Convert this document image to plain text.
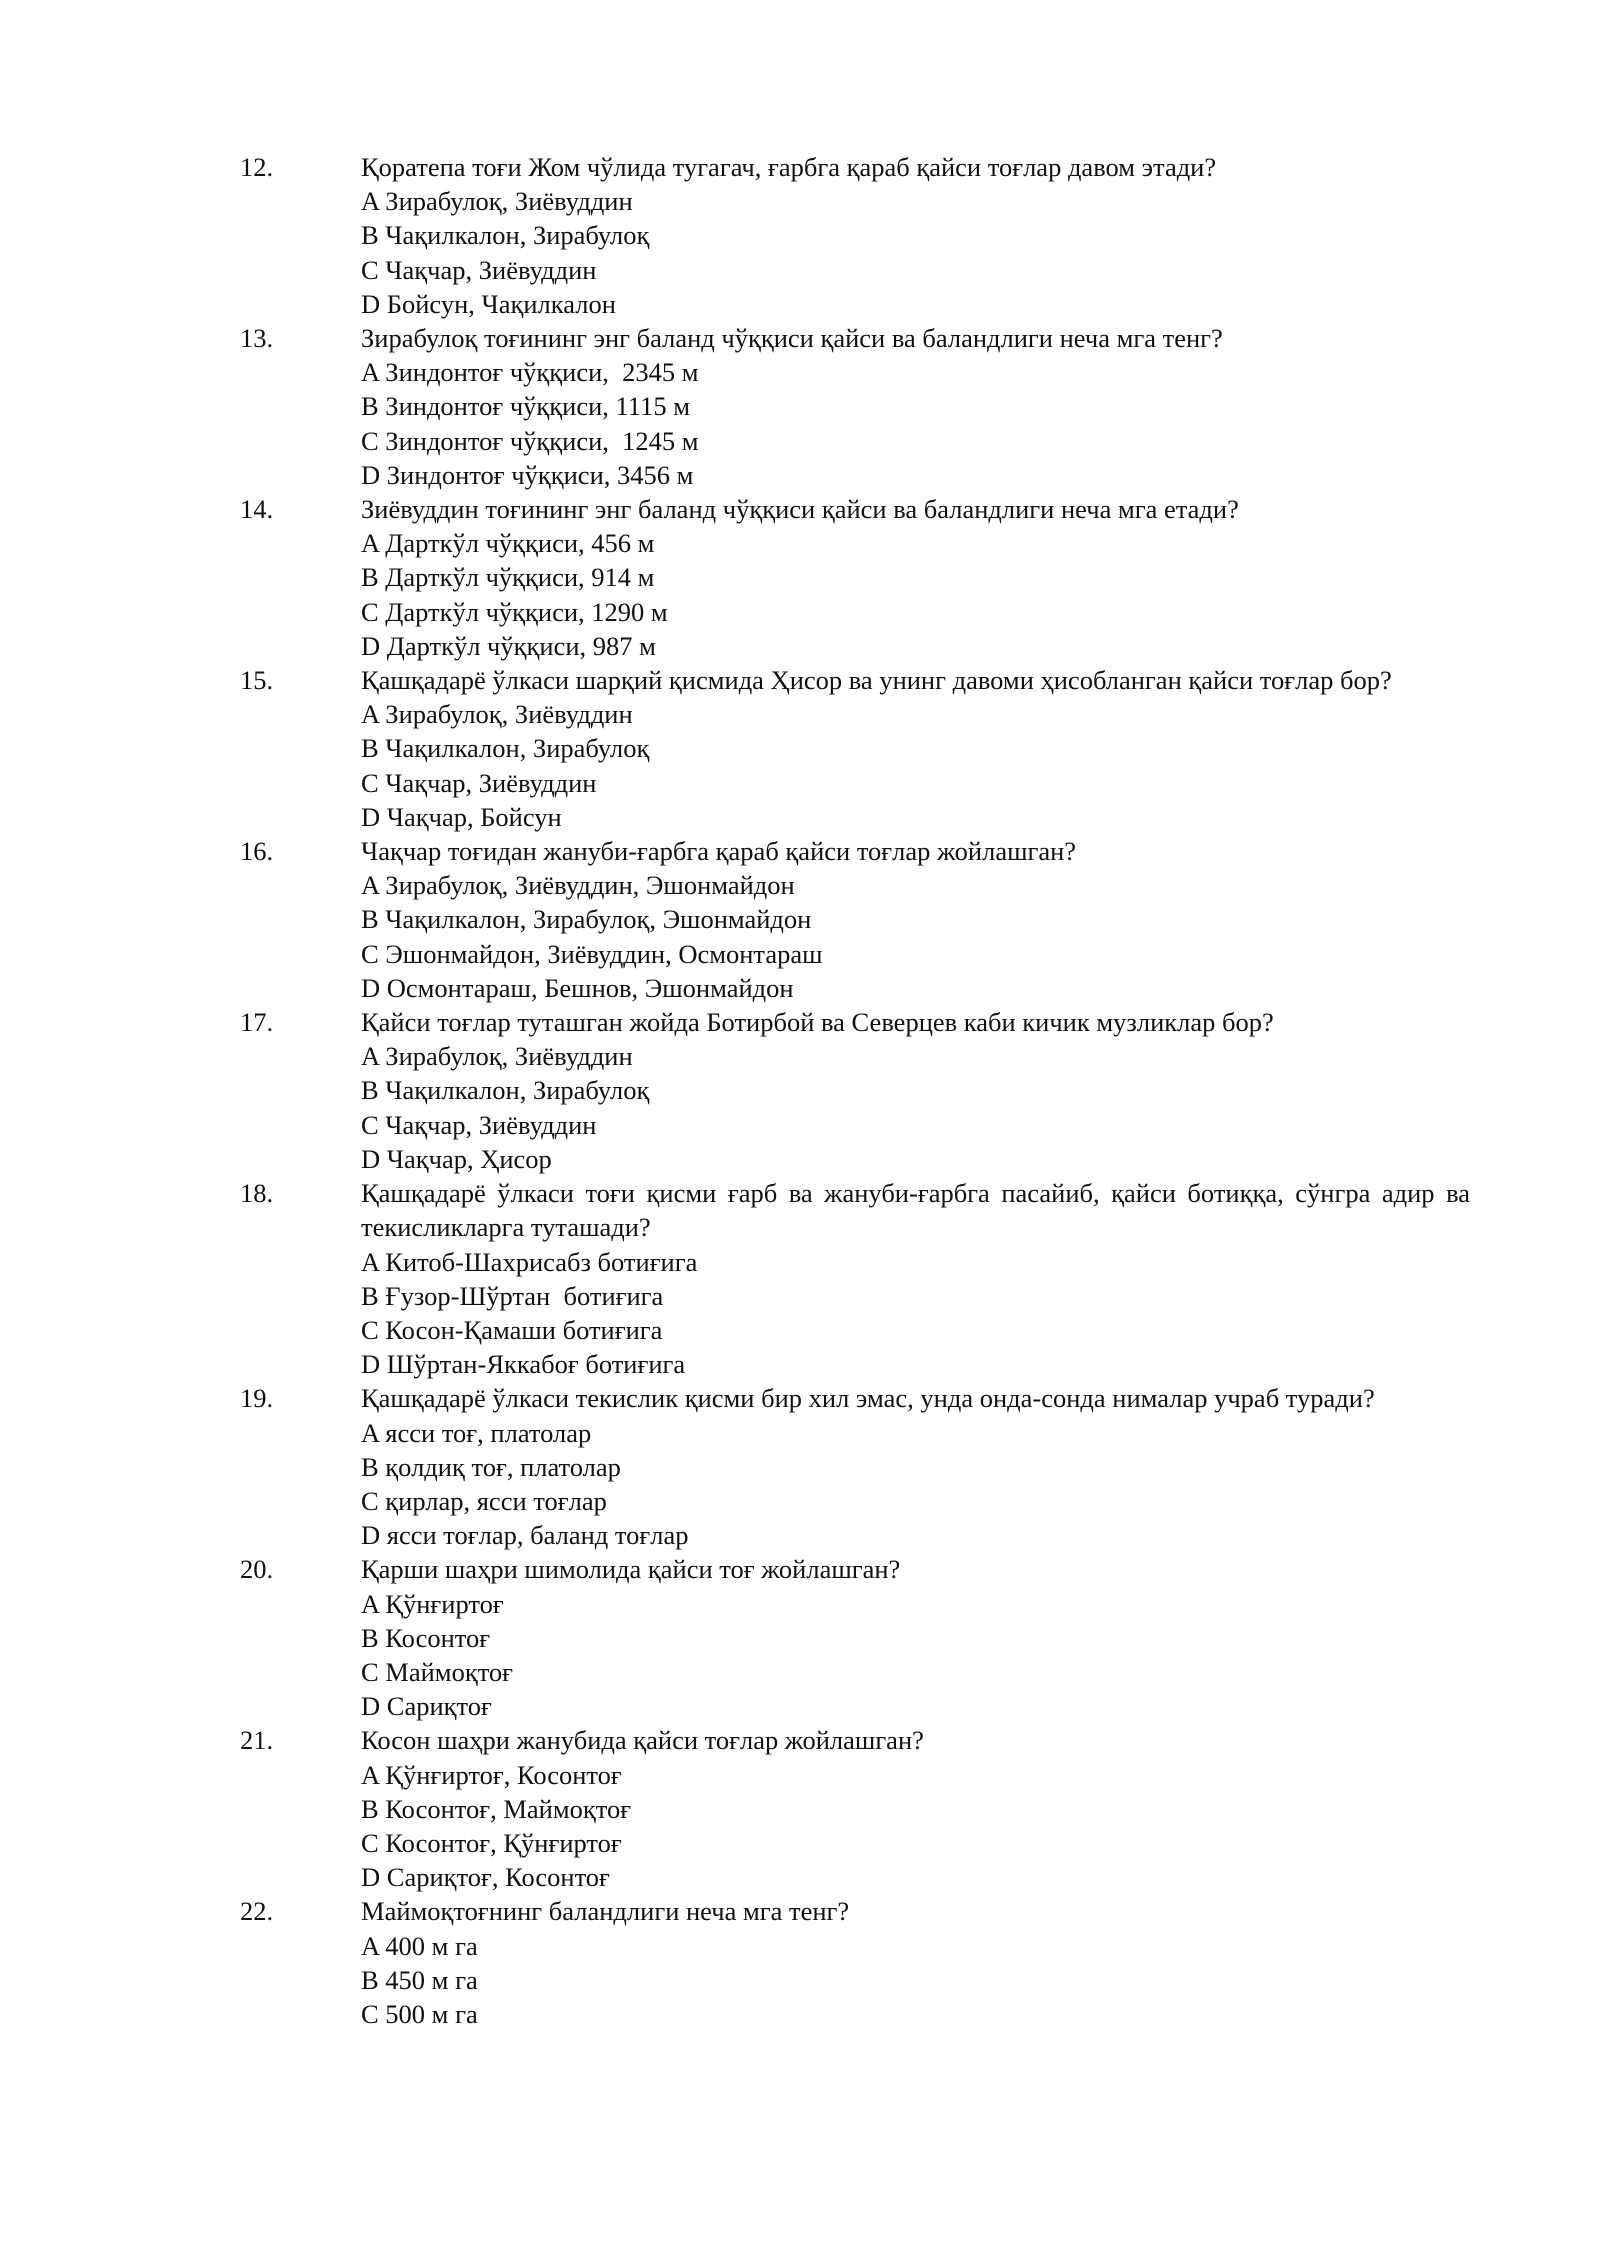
12.	Қоратепа тоғи Жом чўлида тугагач, ғарбга қараб қайси тоғлар давом этади?
A Зирабулоқ, Зиёвуддин
B Чақилкалон, Зирабулоқ
C Чақчар, Зиёвуддин
D Бойсун, Чақилкалон
13.	Зирабулоқ тоғининг энг баланд чўққиси қайси ва баландлиги неча мга тенг?
A Зиндонтоғ чўққиси,  2345 м
B Зиндонтоғ чўққиси, 1115 м
C Зиндонтоғ чўққиси,  1245 м
D Зиндонтоғ чўққиси, 3456 м
14.	Зиёвуддин тоғининг энг баланд чўққиси қайси ва баландлиги неча мга етади?
A Дарткўл чўққиси, 456 м
B Дарткўл чўққиси, 914 м
C Дарткўл чўққиси, 1290 м
D Дарткўл чўққиси, 987 м
15.	Қашқадарё ўлкаси шарқий қисмида Ҳисор ва унинг давоми ҳисобланган қайси тоғлар бор?
A Зирабулоқ, Зиёвуддин
B Чақилкалон, Зирабулоқ
C Чақчар, Зиёвуддин
D Чақчар, Бойсун
16.	Чақчар тоғидан жануби-ғарбга қараб қайси тоғлар жойлашган?
A Зирабулоқ, Зиёвуддин, Эшонмайдон
B Чақилкалон, Зирабулоқ, Эшонмайдон
C Эшонмайдон, Зиёвуддин, Осмонтараш
D Осмонтараш, Бешнов, Эшонмайдон
17.	Қайси тоғлар туташган жойда Ботирбой ва Северцев каби кичик музликлар бор?
A Зирабулоқ, Зиёвуддин
B Чақилкалон, Зирабулоқ
C Чақчар, Зиёвуддин
D Чақчар, Ҳисор
18.	Қашқадарё ўлкаси тоғи қисми ғарб ва жануби-ғарбга пасайиб, қайси ботиққа, сўнгра адир ва текисликларга туташади?
A Китоб-Шахрисабз ботиғига
B Ғузор-Шўртан  ботиғига
C Косон-Қамаши ботиғига
D Шўртан-Яккабоғ ботиғига
19.	Қашқадарё ўлкаси текислик қисми бир хил эмас, унда онда-сонда нималар учраб туради?
A ясси тоғ, платолар
B қолдиқ тоғ, платолар
C қирлар, ясси тоғлар
D ясси тоғлар, баланд тоғлар
20.	Қарши шаҳри шимолида қайси тоғ жойлашган?
A Қўнғиртоғ
B Косонтоғ
C Маймоқтоғ
D Сариқтоғ
21.	Косон шаҳри жанубида қайси тоғлар жойлашган?
A Қўнғиртоғ, Косонтоғ
B Косонтоғ, Маймоқтоғ
C Косонтоғ, Қўнғиртоғ
D Сариқтоғ, Косонтоғ
22.	Маймоқтоғнинг баландлиги неча мга тенг?
A 400 м га
B 450 м га
C 500 м га
